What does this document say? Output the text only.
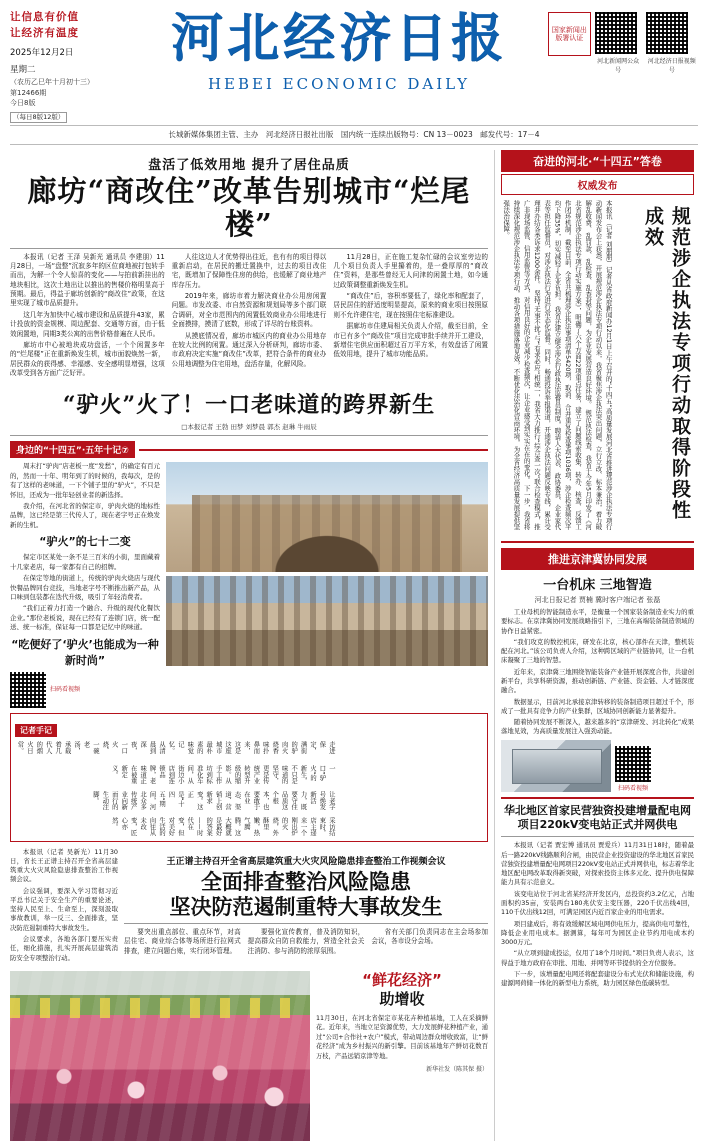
让信息有价值
让经济有温度
2025年12月2日
星期二
（农历乙巳年十月初十三）
第12466期
今日8版
（每日8版12版）
河北经济日报
HEBEI ECONOMIC DAILY
国家新闻出版署认证
河北新闻网公众号
河北经济日报视频号
长城新媒体集团主管、主办　河北经济日报社出版　国内统一连续出版物号：CN 13－0023　邮发代号：17－4
盘活了低效用地 提升了居住品质
廊坊“商改住”改革告别城市“烂尾楼”

本报讯（记者 王泽 吴新光 通讯员 李建朋）11月28日，一场“盘整”沉寂多年的区位商地被打包转手而出，为解一个令人惊喜的变化——与拍前新挂出的地块相比，这次土地出让以推出的售楼价格明显高于预期。最后，得益于廊坊创新的“商改住”政策，在这里实现了城市品质提升。

这几年为加快中心城市建设和品质提升43家，累计投放的资金规模、周边配套、交通等方面，由于低效闲置地，同期3类公寓的出售价格普遍在人民币。

廊坊市中心被地块成功盘活，一个个闲置多年的“烂尾楼”正在重新焕发生机，城市面貌焕然一新，居民群众的获得感、幸福感、安全感明显增强，这项改革受到各方面广泛好评。

人往这边人才优势得出往近，也有有的项目得以重新启动，在居民的搬迁置换中，过去的项目改住宅，既增加了保障性住房的供给，也缓解了商业地产库存压力。

2019年来，廊坊市着力解决商业办公用房闲置问题。市发改委、市自然资源和规划局等多个部门联合调研，对全市范围内的闲置低效商业办公用地进行全面摸排，摸清了底数，形成了详尽的台账资料。

从摸底情况看，廊坊市城区内的商业办公用地存在较大比例的闲置。通过深入分析研判，廊坊市委、市政府决定实施“商改住”改革，把符合条件的商业办公用地调整为住宅用地，盘活存量，化解风险。

11月28日，正在施工复杂忙碌的会议室旁边的几个项目负责人手里攥着的，是一叠厚厚的“商改住”资料，是那些曾经无人问津的闲置土地，如今通过政策调整重新焕发生机。

“商改住”后，容积率要低了，绿化率和配套了，居民居住的舒适度明显提高，原来的商业项目按照原则不允许建住宅，现在按照住宅标准建设。

据廊坊市住建局相关负责人介绍，截至目前，全市已有多个“商改住”项目完成审批手续并开工建设，新增住宅供应面积超过百万平方米，有效盘活了闲置低效用地，提升了城市功能品质。

“驴火”火了！一口老味道的跨界新生
□本报记者 王勃 田梦 刘梦晨 郭杰 赵琳 牛雨辰
身边的“十四五”·五年十记⑦

周末打“驴肉”店老板一度“发愁”，的确定有百元的，然而一十年、明年到了的时候的，我每次，是的有了这样的老味道，一下个铺子里的“驴火”，不只是怀旧，还成为一批年轻创业者的新选择。

我介绍，在河北省的保定市，驴肉火烧的地标性品牌，这已经是第三代传人了，现在老字号正在焕发新的生机。

“驴火”的七十二变

保定市区某处一条不足三百米的小街，里面藏着十几家老店，每一家都有自己的招牌。

在保定等地的街道上，传统的驴肉火烧店与现代快餐品牌同台竞技，当地老字号不断推出新产品，从口味到包装都在迭代升级，吸引了年轻消费者。

“我们正着力打造一个融合、升级的现代化餐饮企业。”那位老板说，现在已经有了连锁门店，统一配送、统一标准，保证每一口都是记忆中的味道。

“吃便好了‘驴火’也能成为一种新时尚”
扫码看视频
记者手记
走进保定，满街的驴肉火烧香味扑鼻而来，这是这座城市最朴素的味觉记忆。从清晨到深夜，一口火烧、一碗老汤，承载着几代人的烟火日常。
一口“驴火”的新生，不只是味道的坚守，更是传统产业转型升级的缩影。从手工作坊到标准化车间，从街边小店到连锁品牌，老味道正在被重新定义。
让老字号焕发新活力，既要守住品质这个根本，也要敢于在业态、渠道、营销上创新求变。这正是“十四五”期间，河北众多传统产业向新而行的生动注脚。
采访结束时，店主递来一个刚出炉的火烧，外酥里嫩，热气腾腾。这大概就是最好的答案——时代在变，但对美好生活的向往从未改变，匠心亦然。

本报讯（记者 吴新光）11月30日，省长王正谱主持召开全省高层建筑重大火灾风险隐患排查整治工作视频会议。

会议强调，要深入学习贯彻习近平总书记关于安全生产的重要论述，坚持人民至上、生命至上，深刻汲取事故教训，举一反三、全面排查，坚决防范遏制重特大事故发生。

会议要求，各地各部门要压实责任，细化措施，扎实开展高层建筑消防安全专项整治行动。

王正谱主持召开全省高层建筑重大火灾风险隐患排查整治工作视频会议
全面排查整治风险隐患
坚决防范遏制重特大事故发生

要突出重点部位、重点环节，对高层住宅、商业综合体等场所进行拉网式排查，建立问题台账，实行闭环管理。

要强化宣传教育，普及消防知识，提高群众自防自救能力，营造全社会关注消防、参与消防的浓厚氛围。

省有关部门负责同志在主会场参加会议，各市设分会场。

“鲜花经济”
助增收
11月30日，在河北省保定市某花卉种植基地，工人在采摘鲜花。近年来，当地立足资源优势，大力发展鲜花种植产业，通过“公司+合作社+农户”模式，带动周边群众增收致富，让“鲜花经济”成为乡村振兴的新引擎。目前该基地年产鲜切花数百万枝，产品远销京津等地。
新华社发（陈其保 摄）
奋进的河北·“十四五”答卷
权威发布
本报讯（记者 刘朋朋）记者从省政府新闻办12月1日上午召开的“十四五”高质量发展河北省推进规范涉企执法专项行动新闻发布会上获悉，开展规范涉企执法专项行动以来，我省聚焦涉企执法突出问题，立行立改、标本兼治，着力破解乱收费、乱罚款、乱检查、乱查封等问题，为企业发展营造良好环境。 规范执法检查，我省于今年5月印发了《河北省规范涉企执法专项行动实施方案》，明确了六个方面22项重点任务，建立了问题线索收集、转办、核查、反馈工作闭环机制。截至目前，全省共梳理涉企执法事项清单5420项，取消、合并重复检查事项1036项，涉企检查频次平均下降35%，切实减轻了企业负担。 我省还建立健全涉企行政执法监督员制度，聘请人大代表、政协委员、企业家代表等担任监督员，对涉企执法行为进行常态化监督。同时，畅通投诉举报渠道，开通涉企执法问题反映专线，累计受理并办结各类诉求1200余件。 坚持“无事不扰”与“有求必应”相统一，我省大力推行“综合查一次”联合检查模式，推广非现场监管、信用监管等方式，对信用良好的企业减少检查频次，让企业感受到实实在在的变化。 下一步，我省将持续深化规范涉企执法专项行动，推动各项措施落地见效，不断优化法治化营商环境，为全省经济高质量发展提供坚强法治保障。	规范涉企执法专项行动取得阶段性成效
推进京津冀协同发展
一台机床 三地智造
河北日报记者 贾楠 冀时客户端记者 张磊

工业母机的智能制造水平，是衡量一个国家装备制造业实力的重要标志。在京津冀协同发展战略指引下，三地在高端装备制造领域的协作日益紧密。

“我们攻克的数控机床，研发在北京，核心部件在天津，整机装配在河北。”该公司负责人介绍，这种跨区域的产业链协同，让一台机床凝聚了三地的智慧。

近年来，京津冀三地围绕智能装备产业链开展深度合作，共建创新平台，共享科研资源，推动创新链、产业链、资金链、人才链深度融合。

数据显示，目前河北承接京津转移的装备制造项目超过千个，形成了一批具有竞争力的产业集群，区域协同创新能力显著提升。

随着协同发展不断深入，越来越多的“京津研发、河北转化”成果落地见效，为高质量发展注入强劲动能。

扫码看视频
华北地区首家民营独资投建增量配电网项目220kV变电站正式并网供电

本报讯（记者 贾宏博 通讯员 贾爱兵）11月31日18时，随着最后一路220kV线路顺利合闸，由民营企业投资建设的华北地区首家民营独资投建增量配电网项目220kV变电站正式并网供电，标志着华北地区配电网改革取得新突破，对探索投资主体多元化、提升供电保障能力具有示范意义。

该变电站位于河北省某经济开发区内，总投资约3.2亿元，占地面积约35亩，安装两台180兆伏安主变压器，220千伏出线4回，110千伏出线12回，可满足园区内近百家企业的用电需求。

项目建成后，将有效缓解区域电网供电压力，提高供电可靠性，降低企业用电成本。据测算，每年可为园区企业节约用电成本约3000万元。

“从立项到建成投运，仅用了18个月时间。”项目负责人表示，这得益于地方政府在审批、用地、并网等环节提供的全方位服务。

下一步，该增量配电网还将配套建设分布式光伏和储能设施，构建源网荷储一体化的新型电力系统，助力园区绿色低碳转型。
